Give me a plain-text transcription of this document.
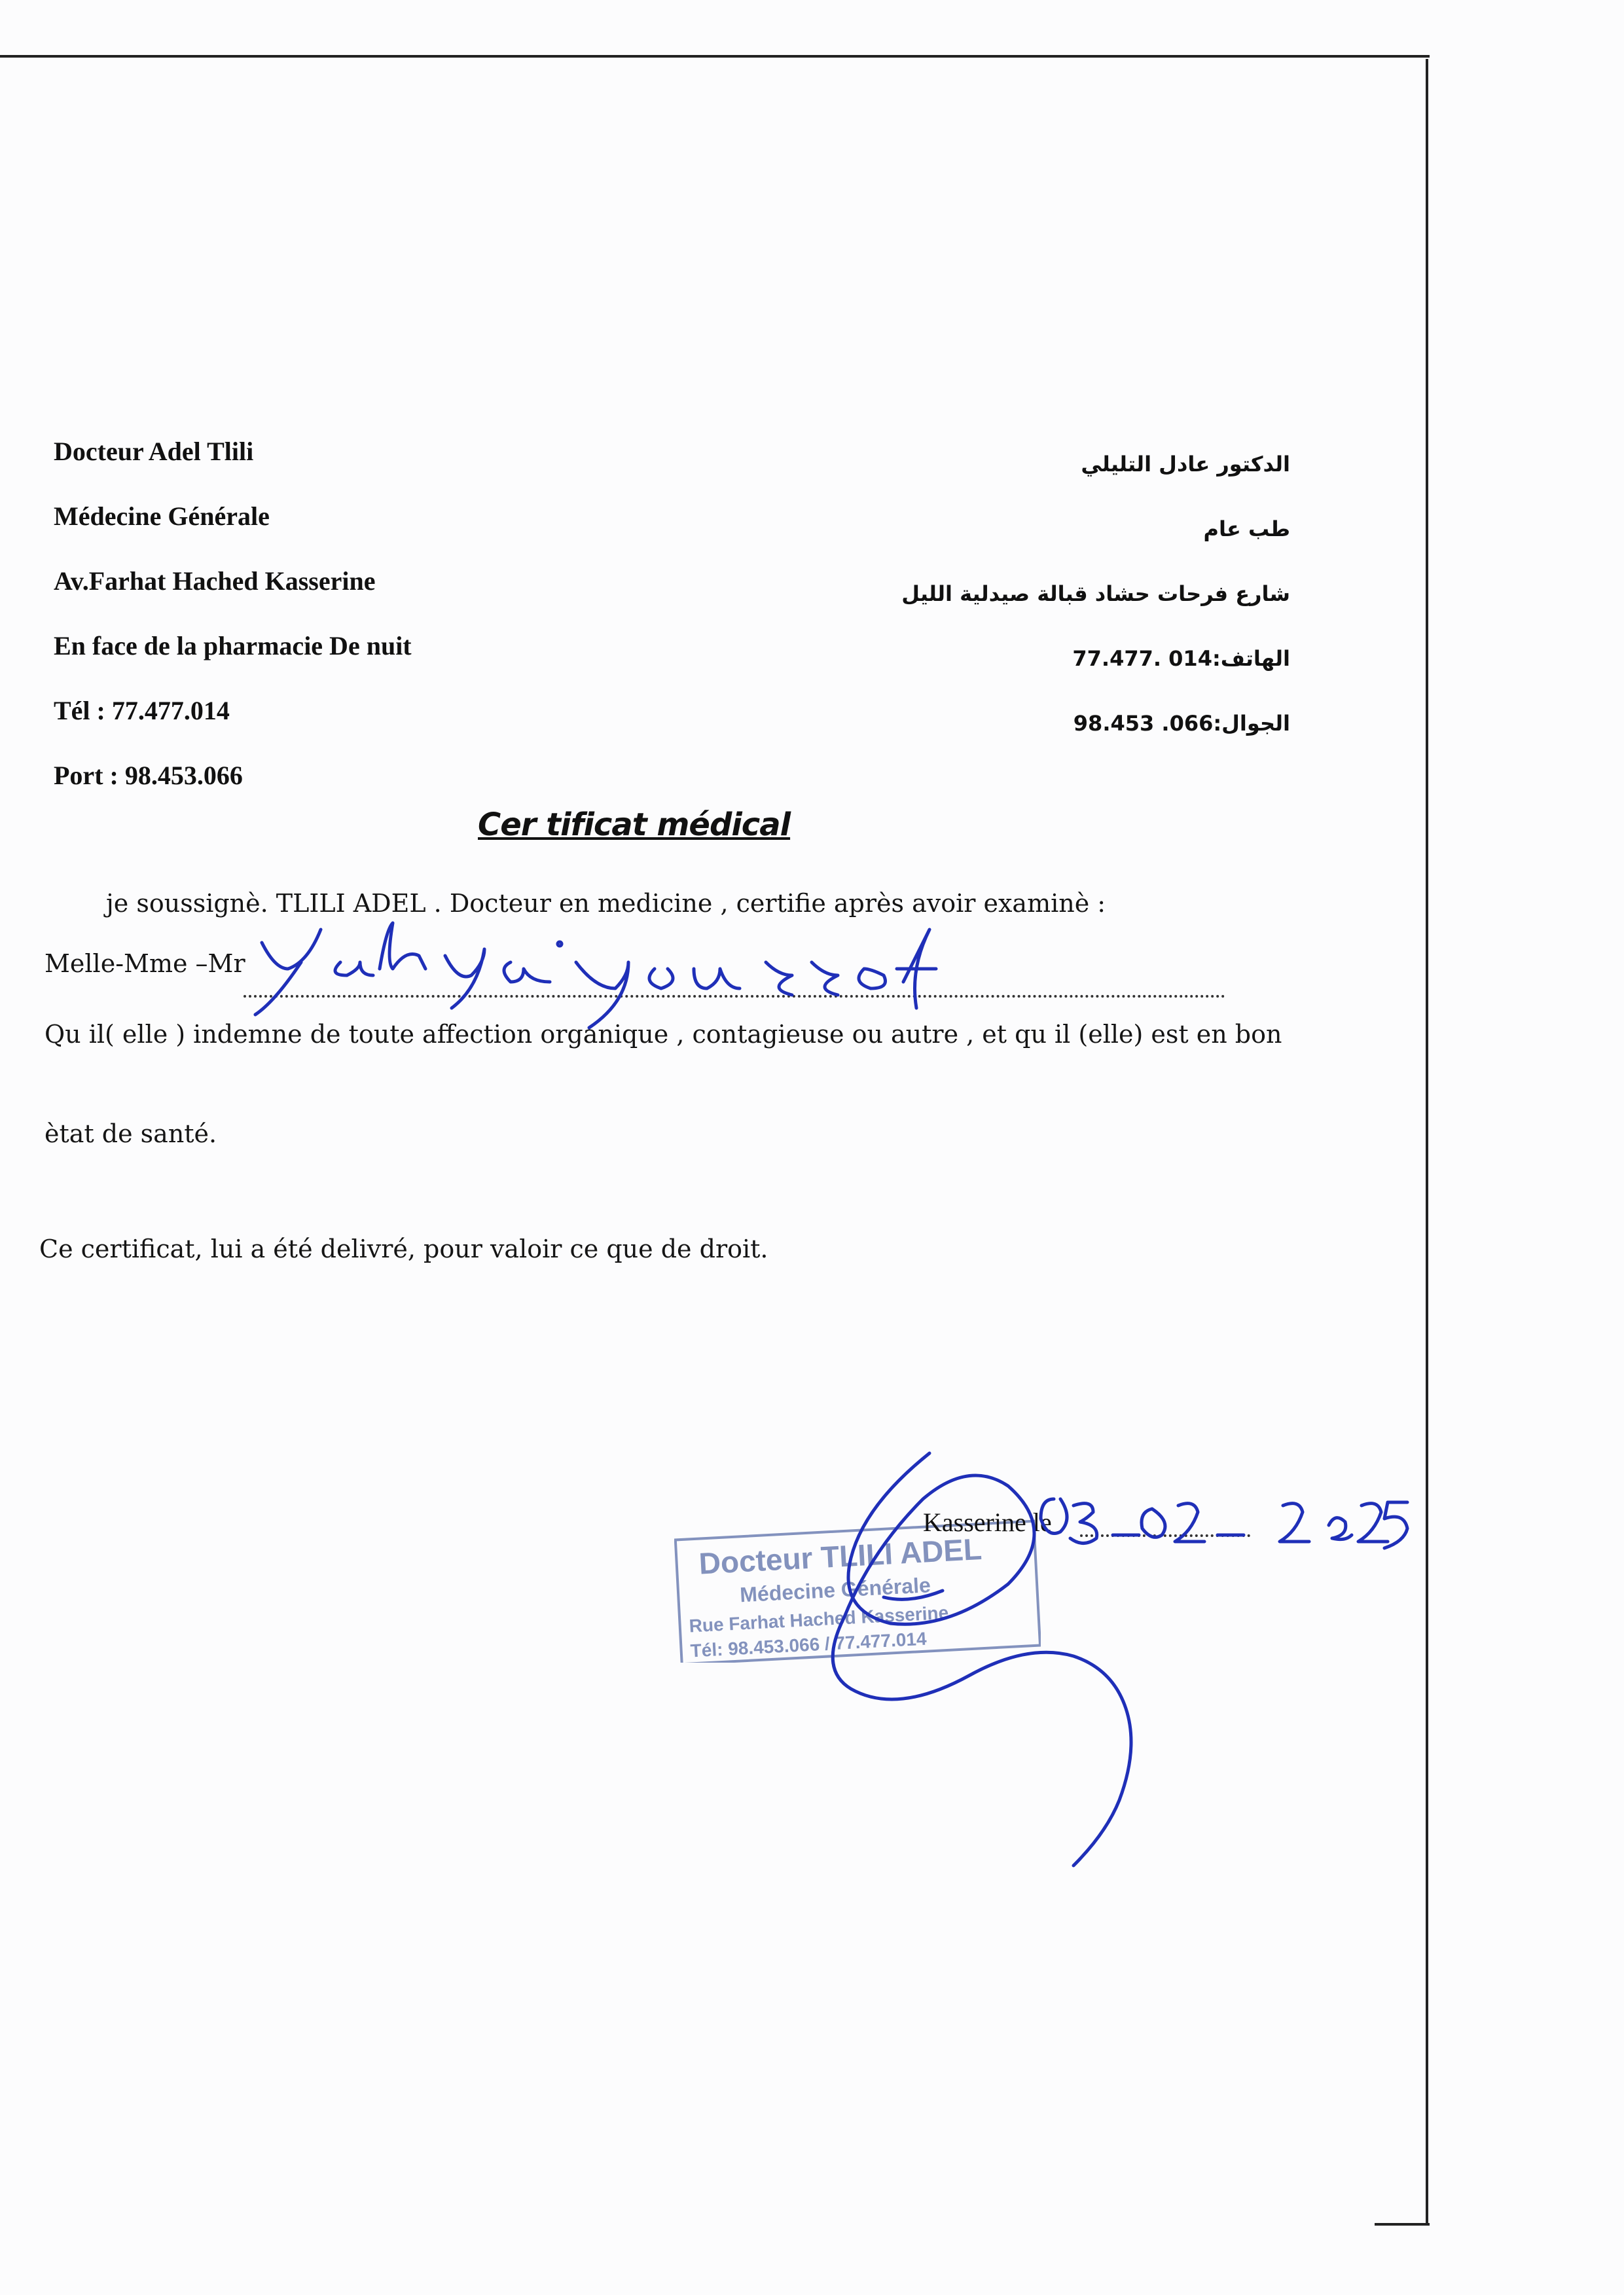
Docteur Adel Tlili
Médecine Générale
Av.Farhat Hached Kasserine
En face de la pharmacie De nuit
Tél : 77.477.014
Port : 98.453.066
الدكتور عادل التليلي
طب عام
شارع فرحات حشاد قبالة صيدلية الليل
الهاتف:014 .77.477
الجوال:066. 98.453
Cer tificat médical
je soussignè. TLILI ADEL . Docteur en medicine , certifie après avoir examinè :
Melle-Mme –Mr
Qu il( elle ) indemne de toute affection organique , contagieuse ou autre , et qu il (elle) est en bon
ètat de santé.
Ce certificat, lui a été delivré, pour valoir ce que de droit.
Docteur TLILI ADEL
Médecine Générale
Rue Farhat Hached Kasserine
Tél: 98.453.066 / 77.477.014
Kasserine le
